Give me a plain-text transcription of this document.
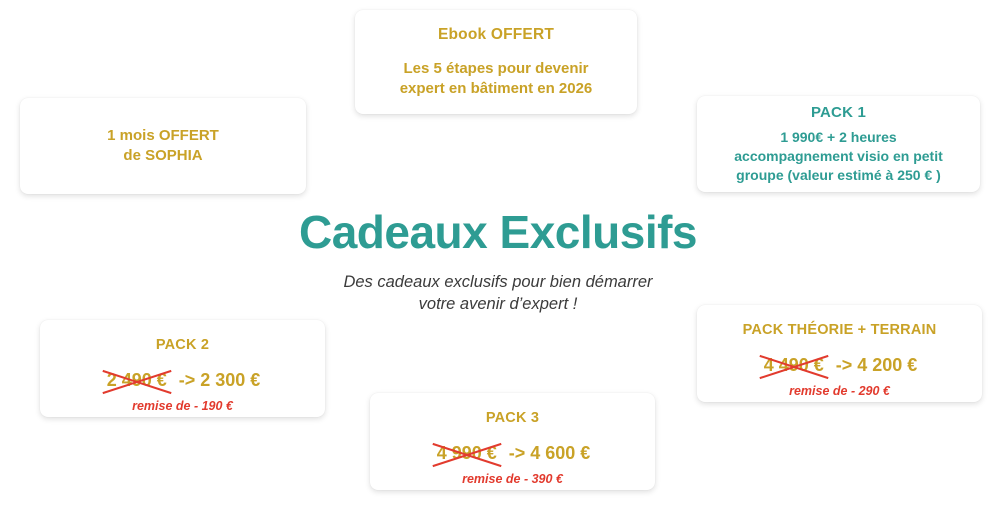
1 mois OFFERT
de SOPHIA

Ebook OFFERT

Les 5 étapes pour devenir
expert en bâtiment en 2026

PACK 1

1 990€ + 2 heures
accompagnement visio en petit
groupe (valeur estimé à 250 € )

Cadeaux Exclusifs

Des cadeaux exclusifs pour bien démarrer
votre avenir d’expert !

PACK 2

2 490 € -> 2 300 €
remise de - 190 €

PACK 3

4 990 € -> 4 600 €
remise de - 390 €

PACK THÉORIE + TERRAIN

4 490 € -> 4 200 €
remise de - 290 €
